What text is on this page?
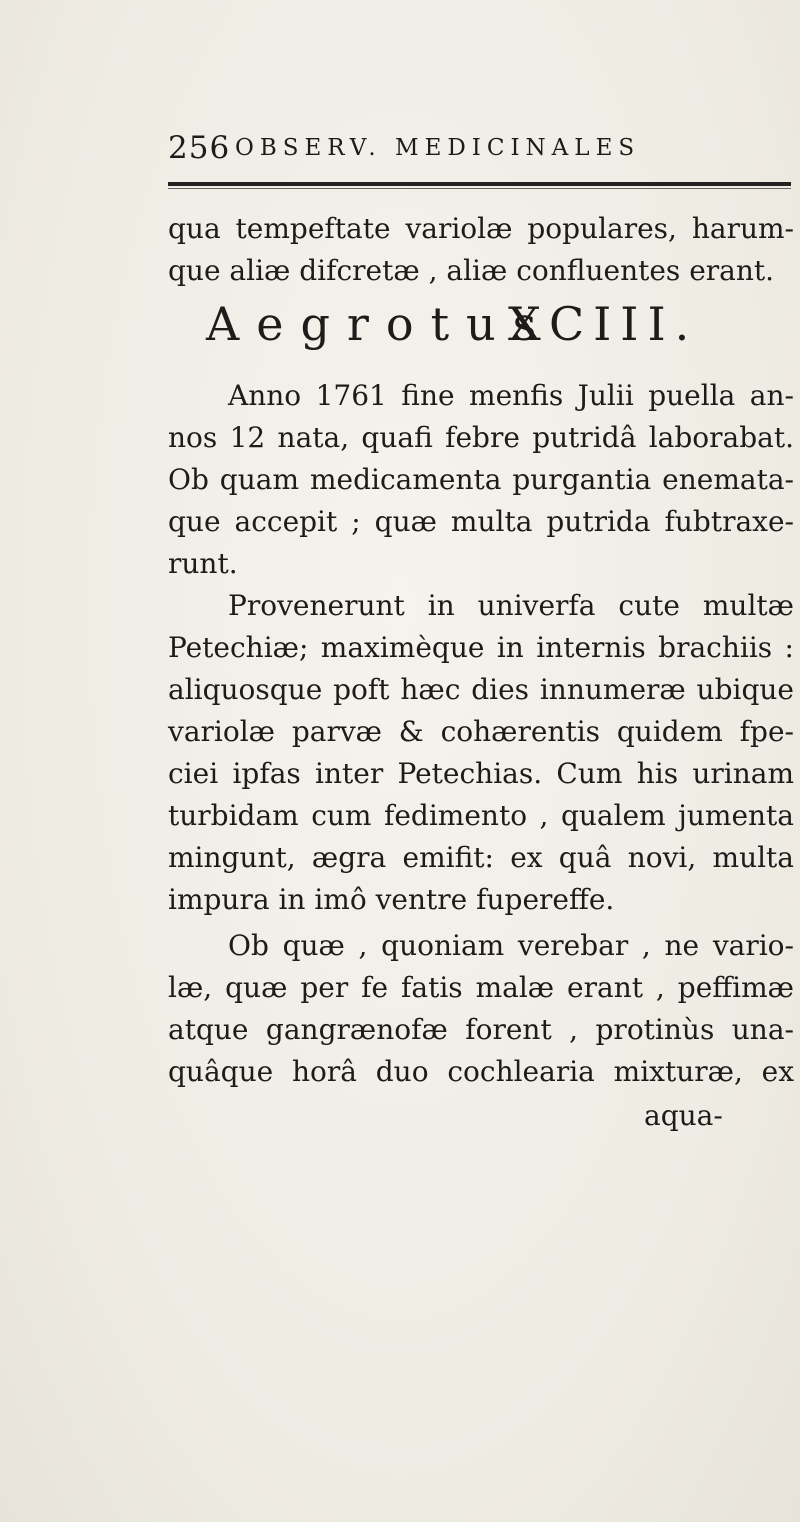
256 OBSERV. MEDICINALES
qua tempeftate variolæ populares, harum-
que aliæ difcretæ , aliæ confluentes erant.
Aegrotus
XCIII.
Anno 1761 fine menfis Julii puella an-
nos 12 nata, quafi febre putridâ laborabat.
Ob quam medicamenta purgantia enemata-
que accepit ; quæ multa putrida fubtraxe-
runt.
Provenerunt in univerfa cute multæ
Petechiæ; maximèque in internis brachiis :
aliquosque poft hæc dies innumeræ ubique
variolæ parvæ & cohærentis quidem fpe-
ciei ipfas inter Petechias. Cum his urinam
turbidam cum fedimento , qualem jumenta
mingunt, ægra emifit: ex quâ novi, multa
impura in imô ventre fupereffe.
Ob quæ , quoniam verebar , ne vario-
læ, quæ per fe fatis malæ erant , peffimæ
atque gangrænofæ forent , protinùs una-
quâque horâ duo cochlearia mixturæ, ex
aqua-
